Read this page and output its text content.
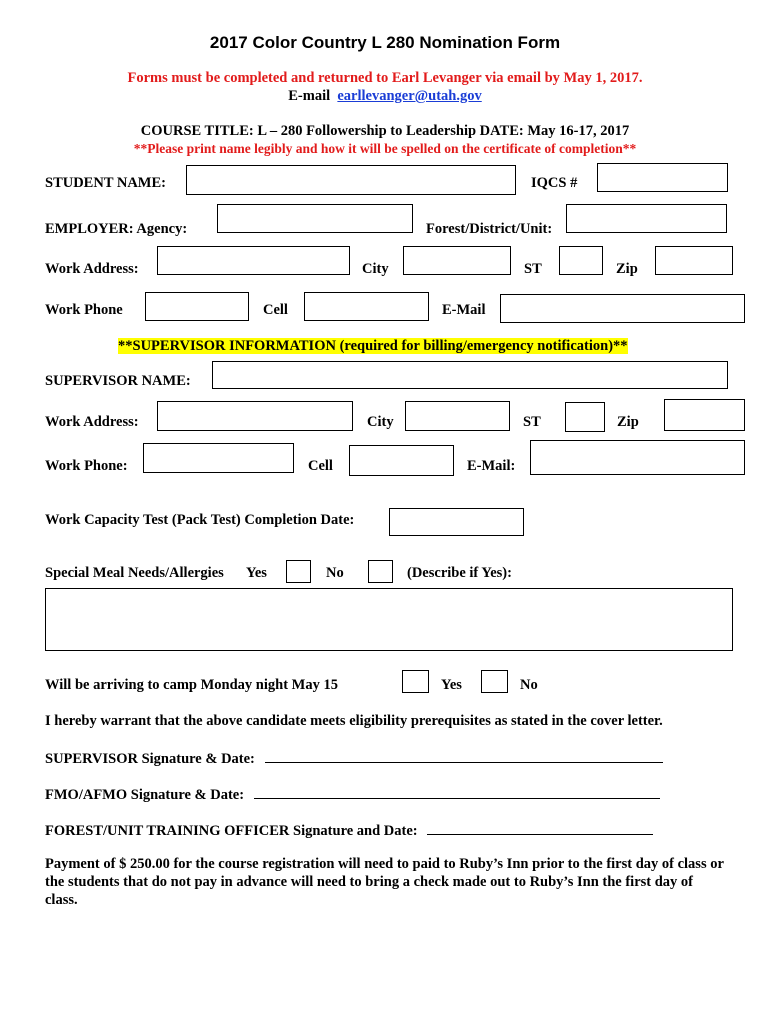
2017 Color Country L 280 Nomination Form
Forms must be completed and returned to Earl Levanger via email by May 1, 2017.
E-mail earllevanger@utah.gov
COURSE TITLE: L – 280 Followership to Leadership DATE: May 16-17, 2017
**Please print name legibly and how it will be spelled on the certificate of completion**
STUDENT NAME:	IQCS #
EMPLOYER: Agency:	Forest/District/Unit:
Work Address:	City	ST	Zip
Work Phone	Cell	E-Mail
**SUPERVISOR INFORMATION (required for billing/emergency notification)**
SUPERVISOR NAME:
Work Address:	City	ST	Zip
Work Phone:	Cell	E-Mail:
Work Capacity Test (Pack Test) Completion Date:
Special Meal Needs/Allergies Yes	No	(Describe if Yes):
Will be arriving to camp Monday night May 15	Yes	No
I hereby warrant that the above candidate meets eligibility prerequisites as stated in the cover letter.
SUPERVISOR Signature & Date:
FMO/AFMO Signature & Date:
FOREST/UNIT TRAINING OFFICER Signature and Date:
Payment of $ 250.00 for the course registration will need to paid to Ruby’s Inn prior to the first day of class or the students that do not pay in advance will need to bring a check made out to Ruby’s Inn the first day of class.
